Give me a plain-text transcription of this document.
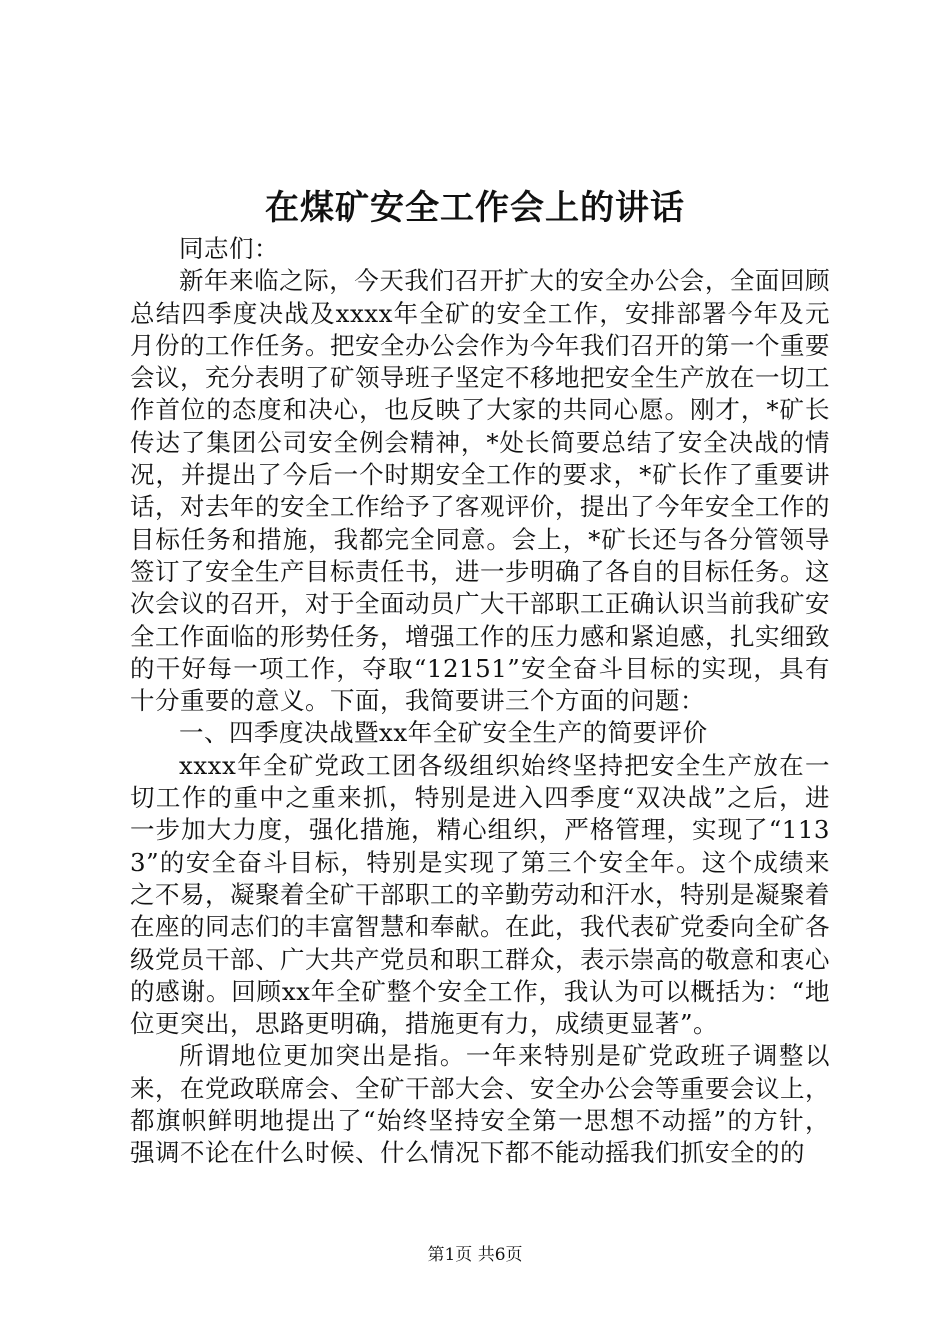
在煤矿安全工作会上的讲话

同志们：

新年来临之际，今天我们召开扩大的安全办公会，全面回顾总结四季度决战及xxxx年全矿的安全工作，安排部署今年及元月份的工作任务。把安全办公会作为今年我们召开的第一个重要会议，充分表明了矿领导班子坚定不移地把安全生产放在一切工作首位的态度和决心，也反映了大家的共同心愿。刚才，*矿长传达了集团公司安全例会精神，*处长简要总结了安全决战的情况，并提出了今后一个时期安全工作的要求，*矿长作了重要讲话，对去年的安全工作给予了客观评价，提出了今年安全工作的目标任务和措施，我都完全同意。会上，*矿长还与各分管领导签订了安全生产目标责任书，进一步明确了各自的目标任务。这次会议的召开，对于全面动员广大干部职工正确认识当前我矿安全工作面临的形势任务，增强工作的压力感和紧迫感，扎实细致的干好每一项工作，夺取“12151”安全奋斗目标的实现，具有十分重要的意义。下面，我简要讲三个方面的问题：

一、四季度决战暨xx年全矿安全生产的简要评价

xxxx年全矿党政工团各级组织始终坚持把安全生产放在一切工作的重中之重来抓，特别是进入四季度“双决战”之后，进一步加大力度，强化措施，精心组织，严格管理，实现了“1133”的安全奋斗目标，特别是实现了第三个安全年。这个成绩来之不易，凝聚着全矿干部职工的辛勤劳动和汗水，特别是凝聚着在座的同志们的丰富智慧和奉献。在此，我代表矿党委向全矿各级党员干部、广大共产党员和职工群众，表示崇高的敬意和衷心的感谢。回顾xx年全矿整个安全工作，我认为可以概括为：“地位更突出，思路更明确，措施更有力，成绩更显著”。

所谓地位更加突出是指。一年来特别是矿党政班子调整以来，在党政联席会、全矿干部大会、安全办公会等重要会议上，都旗帜鲜明地提出了“始终坚持安全第一思想不动摇”的方针，强调不论在什么时候、什么情况下都不能动摇我们抓安全的的

第1页 共6页
